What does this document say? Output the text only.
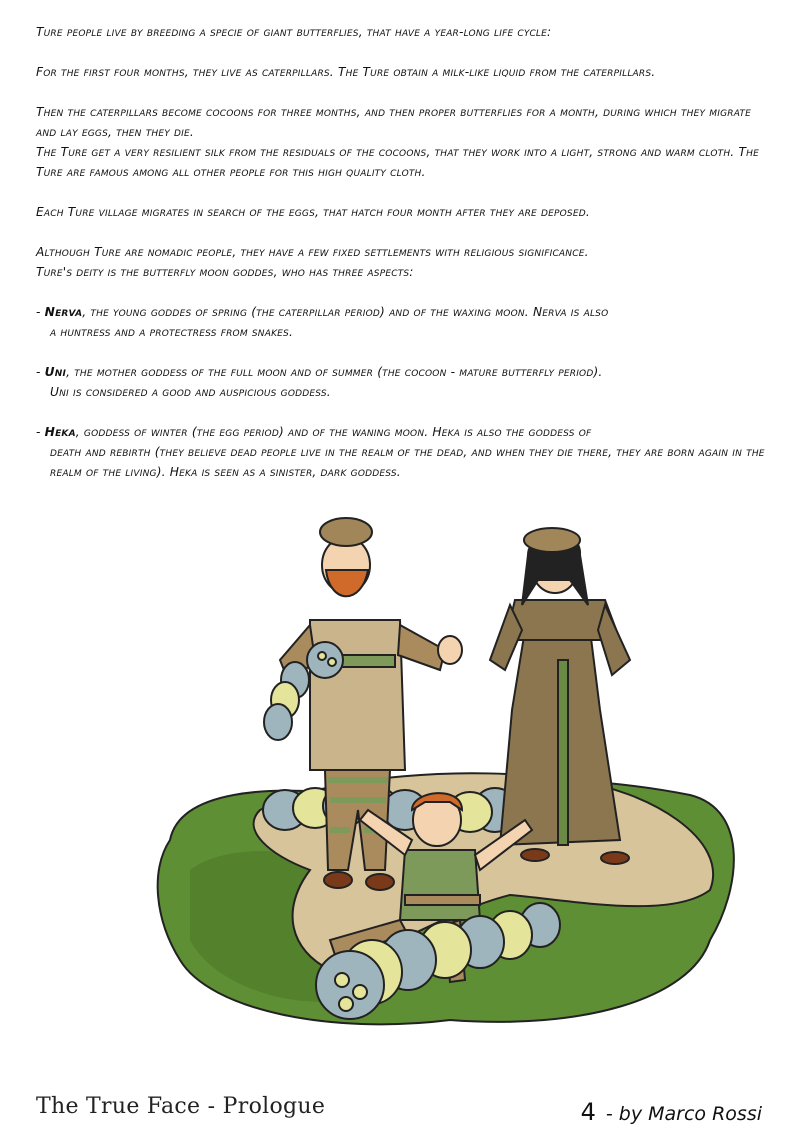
Ture people live by breeding a specie of giant butterflies, that have a year-long life cycle:

For the first four months, they live as caterpillars. The Ture obtain a milk-like liquid from the caterpillars.

Then the caterpillars become cocoons for three months, and then proper butterflies for a month, during which they migrate and lay eggs, then they die.

The Ture get a very resilient silk from the residuals of the cocoons, that they work into a light, strong and warm cloth. The Ture are famous among all other people for this high quality cloth.

Each Ture village migrates in search of the eggs, that hatch four month after they are deposed.

Although Ture are nomadic people, they have a few fixed settlements with religious significance.

Ture's deity is the butterfly moon goddes, who has three aspects:

- Nerva, the young goddes of spring (the caterpillar period) and of the waxing moon. Nerva is also
a huntress and a protectress from snakes.
- Uni, the mother goddess of the full moon and of summer (the cocoon - mature butterfly period).
Uni is considered a good and auspicious goddess.
- Heka, goddess of winter (the egg period) and of the waning moon. Heka is also the goddess of
death and rebirth (they believe dead people live in the realm of the dead, and when they die there, they are born again in the realm of the living). Heka is seen as a sinister, dark goddess.
The True Face - Prologue	4 - by Marco Rossi
